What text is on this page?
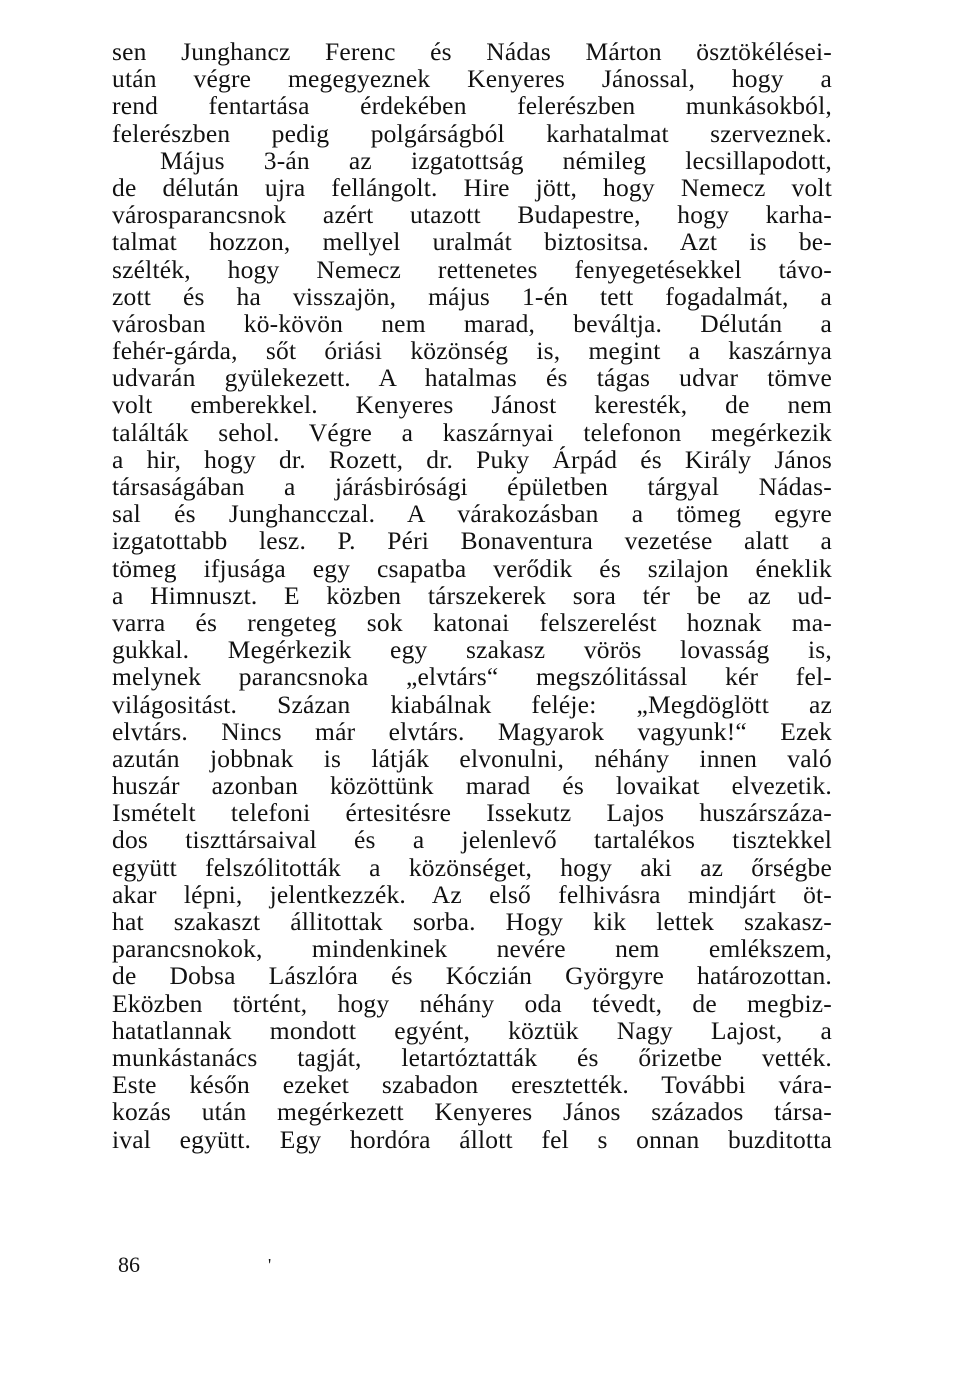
sen Junghancz Ferenc és Nádas Márton ösztökélései-
után végre megegyeznek Kenyeres Jánossal, hogy a
rend fentartása érdekében felerészben munkásokból,
felerészben pedig polgárságból karhatalmat szerveznek.
Május 3-án az izgatottság némileg lecsillapodott,
de délután ujra fellángolt. Hire jött, hogy Nemecz volt
városparancsnok azért utazott Budapestre, hogy karha-
talmat hozzon, mellyel uralmát biztositsa. Azt is be-
szélték, hogy Nemecz rettenetes fenyegetésekkel távo-
zott és ha visszajön, május 1-én tett fogadalmát, a
városban kö-kövön nem marad, beváltja. Délután a
fehér-gárda, sőt óriási közönség is, megint a kaszárnya
udvarán gyülekezett. A hatalmas és tágas udvar tömve
volt emberekkel. Kenyeres Jánost keresték, de nem
találták sehol. Végre a kaszárnyai telefonon megérkezik
a hir, hogy dr. Rozett, dr. Puky Árpád és Király János
társaságában a járásbirósági épületben tárgyal Nádas-
sal és Junghancczal. A várakozásban a tömeg egyre
izgatottabb lesz. P. Péri Bonaventura vezetése alatt a
tömeg ifjusága egy csapatba verődik és szilajon éneklik
a Himnuszt. E közben társzekerek sora tér be az ud-
varra és rengeteg sok katonai felszerelést hoznak ma-
gukkal. Megérkezik egy szakasz vörös lovasság is,
melynek parancsnoka „elvtárs“ megszólitással kér fel-
világositást. Százan kiabálnak feléje: „Megdöglött az
elvtárs. Nincs már elvtárs. Magyarok vagyunk!“ Ezek
azután jobbnak is látják elvonulni, néhány innen való
huszár azonban közöttünk marad és lovaikat elvezetik.
Ismételt telefoni értesitésre Issekutz Lajos huszárszáza-
dos tiszttársaival és a jelenlevő tartalékos tisztekkel
együtt felszólitották a közönséget, hogy aki az őrségbe
akar lépni, jelentkezzék. Az első felhivásra mindjárt öt-
hat szakaszt állitottak sorba. Hogy kik lettek szakasz-
parancsnokok, mindenkinek nevére nem emlékszem,
de Dobsa Lászlóra és Kóczián Györgyre határozottan.
Eközben történt, hogy néhány oda tévedt, de megbiz-
hatatlannak mondott egyént, köztük Nagy Lajost, a
munkástanács tagját, letartóztatták és őrizetbe vették.
Este későn ezeket szabadon eresztették. További vára-
kozás után megérkezett Kenyeres János százados társa-
ival együtt. Egy hordóra állott fel s onnan buzditotta
86	'
